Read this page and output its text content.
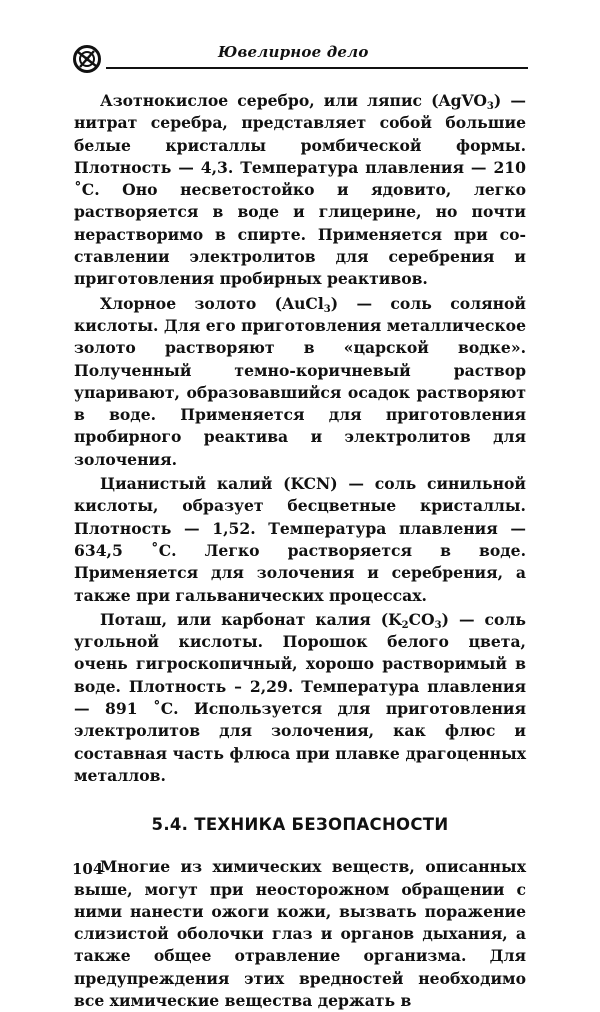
Ювелирное дело

Азотнокислое серебро, или ляпис (AgVO$_3$) — нитрат серебра, представляет собой большие белые кристаллы ромбической формы. Плотность — 4,3. Температура плавления — 210 ˚С. Оно несветостойко и ядовито, легко растворяется в воде и глицерине, но почти нерастворимо в спирте. Применяется при составлении электролитов для серебрения и приготовления пробирных реактивов.

Хлорное золото (AuCl$_3$) — соль соляной кислоты. Для его приготовления металлическое золото растворяют в «царской водке». Полученный темно-коричневый раствор упаривают, образовавшийся осадок растворяют в воде. Применяется для приготовления пробирного реактива и электролитов для золочения.

Цианистый калий (KCN) — соль синильной кислоты, образует бесцветные кристаллы. Плотность — 1,52. Температура плавления — 634,5 ˚С. Легко растворяется в воде. Применяется для золочения и серебрения, а также при гальванических процессах.

Поташ, или карбонат калия $(K_2CO_3)$ — соль угольной кислоты. Порошок белого цвета, очень гигроскопичный, хорошо растворимый в воде. Плотность – 2,29. Температура плавления — 891 ˚С. Используется для приготовления электролитов для золочения, как флюс и составная часть флюса при плавке драгоценных металлов.

5.4. ТЕХНИКА БЕЗОПАСНОСТИ

Многие из химических веществ, описанных выше, могут при неосторожном обращении с ними нанести ожоги кожи, вызвать поражение слизистой оболочки глаз и органов дыхания, а также общее отравление организма. Для предупреждения этих вредностей необходимо все химические вещества держать в

104
